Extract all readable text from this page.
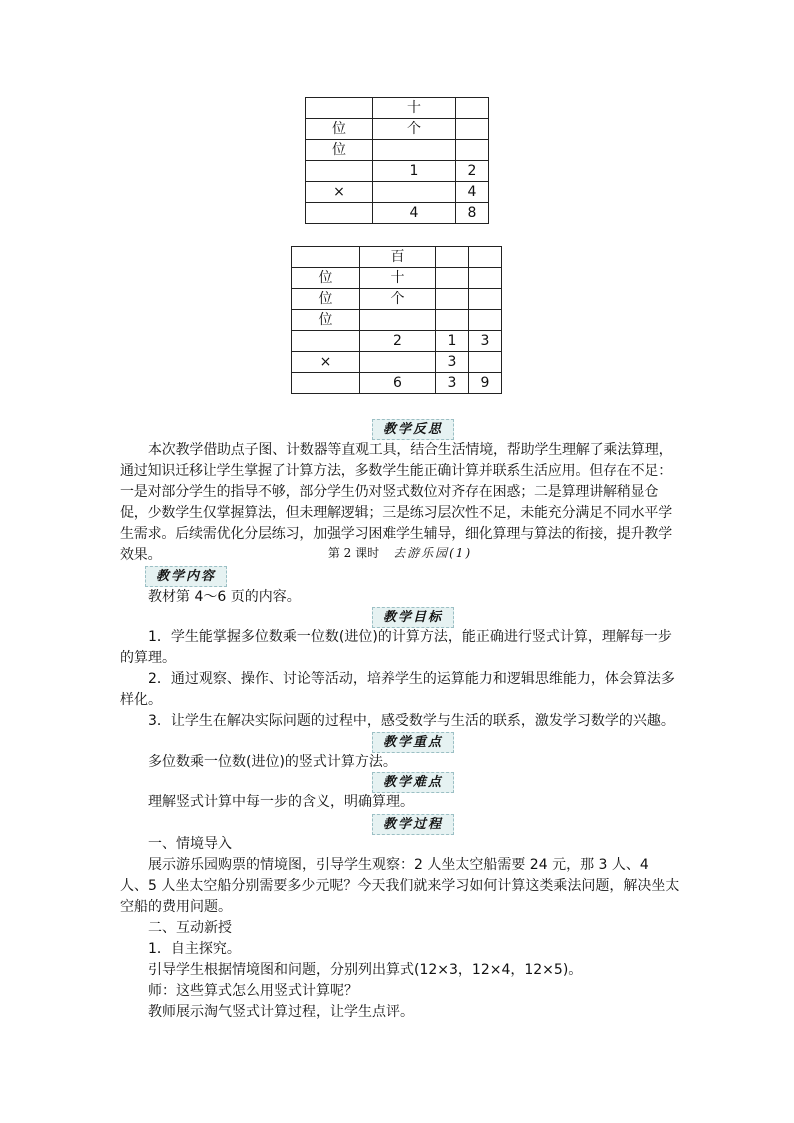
	十	
位	个	
位		
	1	2
×		4
	4	8
	百		
位	十		
位	个		
位			
	2	1	3
×		3	
	6	3	9
教学反思

本次教学借助点子图、计数器等直观工具，结合生活情境，帮助学生理解了乘法算理，通过知识迁移让学生掌握了计算方法，多数学生能正确计算并联系生活应用。但存在不足：一是对部分学生的指导不够，部分学生仍对竖式数位对齐存在困惑；二是算理讲解稍显仓促，少数学生仅掌握算法，但未理解逻辑；三是练习层次性不足，未能充分满足不同水平学生需求。后续需优化分层练习，加强学习困难学生辅导，细化算理与算法的衔接，提升教学效果。	第 2 课时 去游乐园(1)
教学内容

教材第 4～6 页的内容。

教学目标

1．学生能掌握多位数乘一位数(进位)的计算方法，能正确进行竖式计算，理解每一步的算理。

2．通过观察、操作、讨论等活动，培养学生的运算能力和逻辑思维能力，体会算法多样化。

3．让学生在解决实际问题的过程中，感受数学与生活的联系，激发学习数学的兴趣。

教学重点

多位数乘一位数(进位)的竖式计算方法。

教学难点

理解竖式计算中每一步的含义，明确算理。

教学过程

一、情境导入

展示游乐园购票的情境图，引导学生观察：2 人坐太空船需要 24 元，那 3 人、4 人、5 人坐太空船分别需要多少元呢？今天我们就来学习如何计算这类乘法问题，解决坐太空船的费用问题。

二、互动新授

1．自主探究。

引导学生根据情境图和问题，分别列出算式(12×3，12×4，12×5)。

师：这些算式怎么用竖式计算呢？

教师展示淘气竖式计算过程，让学生点评。
